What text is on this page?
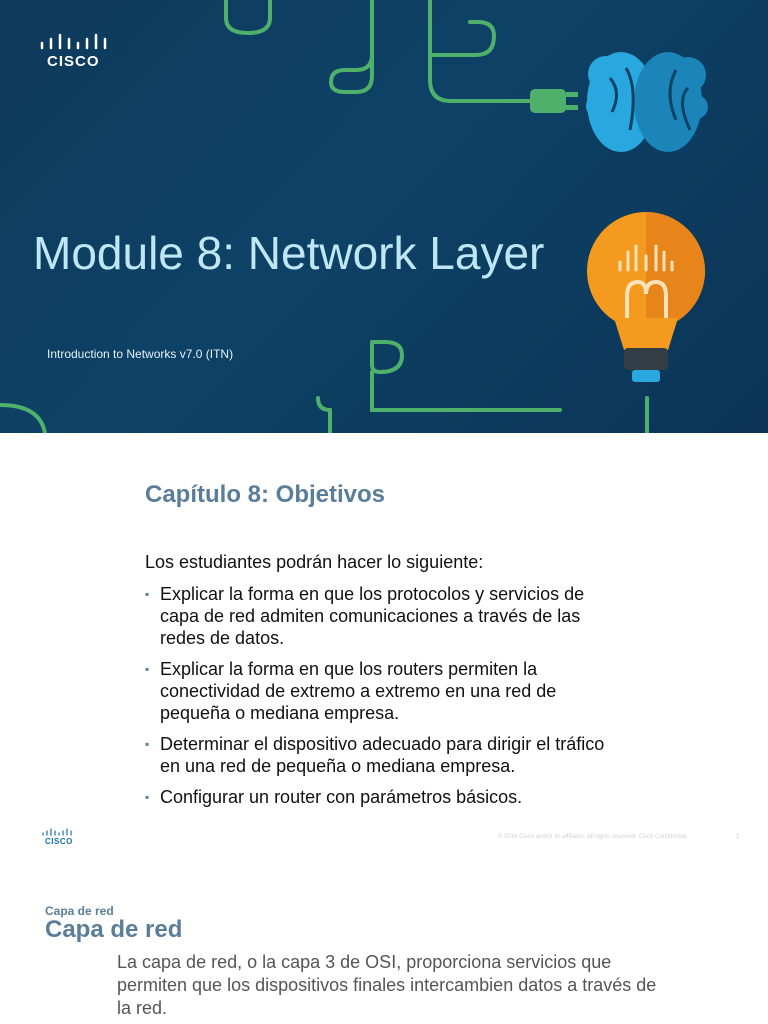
CISCO
Module 8: Network Layer
Introduction to Networks v7.0 (ITN)
Capítulo 8: Objetivos
Los estudiantes podrán hacer lo siguiente:
▪ Explicar la forma en que los protocolos y servicios de capa de red admiten comunicaciones a través de las redes de datos.
▪ Explicar la forma en que los routers permiten la conectividad de extremo a extremo en una red de pequeña o mediana empresa.
▪ Determinar el dispositivo adecuado para dirigir el tráfico en una red de pequeña o mediana empresa.
▪ Configurar un router con parámetros básicos.
CISCO	© 2016 Cisco and/or its affiliates. All rights reserved. Cisco Confidential	2
Capa de red
Capa de red
La capa de red, o la capa 3 de OSI, proporciona servicios que permiten que los dispositivos finales intercambien datos a través de la red.
